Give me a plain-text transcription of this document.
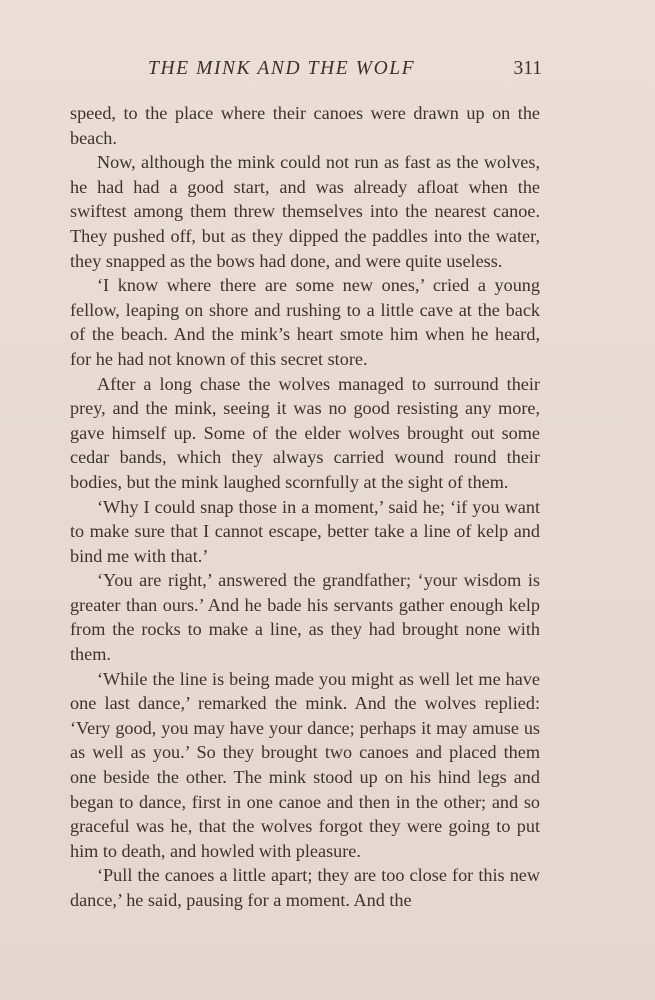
THE MINK AND THE WOLF	311

speed, to the place where their canoes were drawn up on the beach.

Now, although the mink could not run as fast as the wolves, he had had a good start, and was already afloat when the swiftest among them threw themselves into the nearest canoe. They pushed off, but as they dipped the paddles into the water, they snapped as the bows had done, and were quite useless.

‘I know where there are some new ones,’ cried a young fellow, leaping on shore and rushing to a little cave at the back of the beach. And the mink’s heart smote him when he heard, for he had not known of this secret store.

After a long chase the wolves managed to surround their prey, and the mink, seeing it was no good resisting any more, gave himself up. Some of the elder wolves brought out some cedar bands, which they always carried wound round their bodies, but the mink laughed scornfully at the sight of them.

‘Why I could snap those in a moment,’ said he; ‘if you want to make sure that I cannot escape, better take a line of kelp and bind me with that.’

‘You are right,’ answered the grandfather; ‘your wisdom is greater than ours.’ And he bade his servants gather enough kelp from the rocks to make a line, as they had brought none with them.

‘While the line is being made you might as well let me have one last dance,’ remarked the mink. And the wolves replied: ‘Very good, you may have your dance; perhaps it may amuse us as well as you.’ So they brought two canoes and placed them one beside the other. The mink stood up on his hind legs and began to dance, first in one canoe and then in the other; and so graceful was he, that the wolves forgot they were going to put him to death, and howled with pleasure.

‘Pull the canoes a little apart; they are too close for this new dance,’ he said, pausing for a moment. And the
